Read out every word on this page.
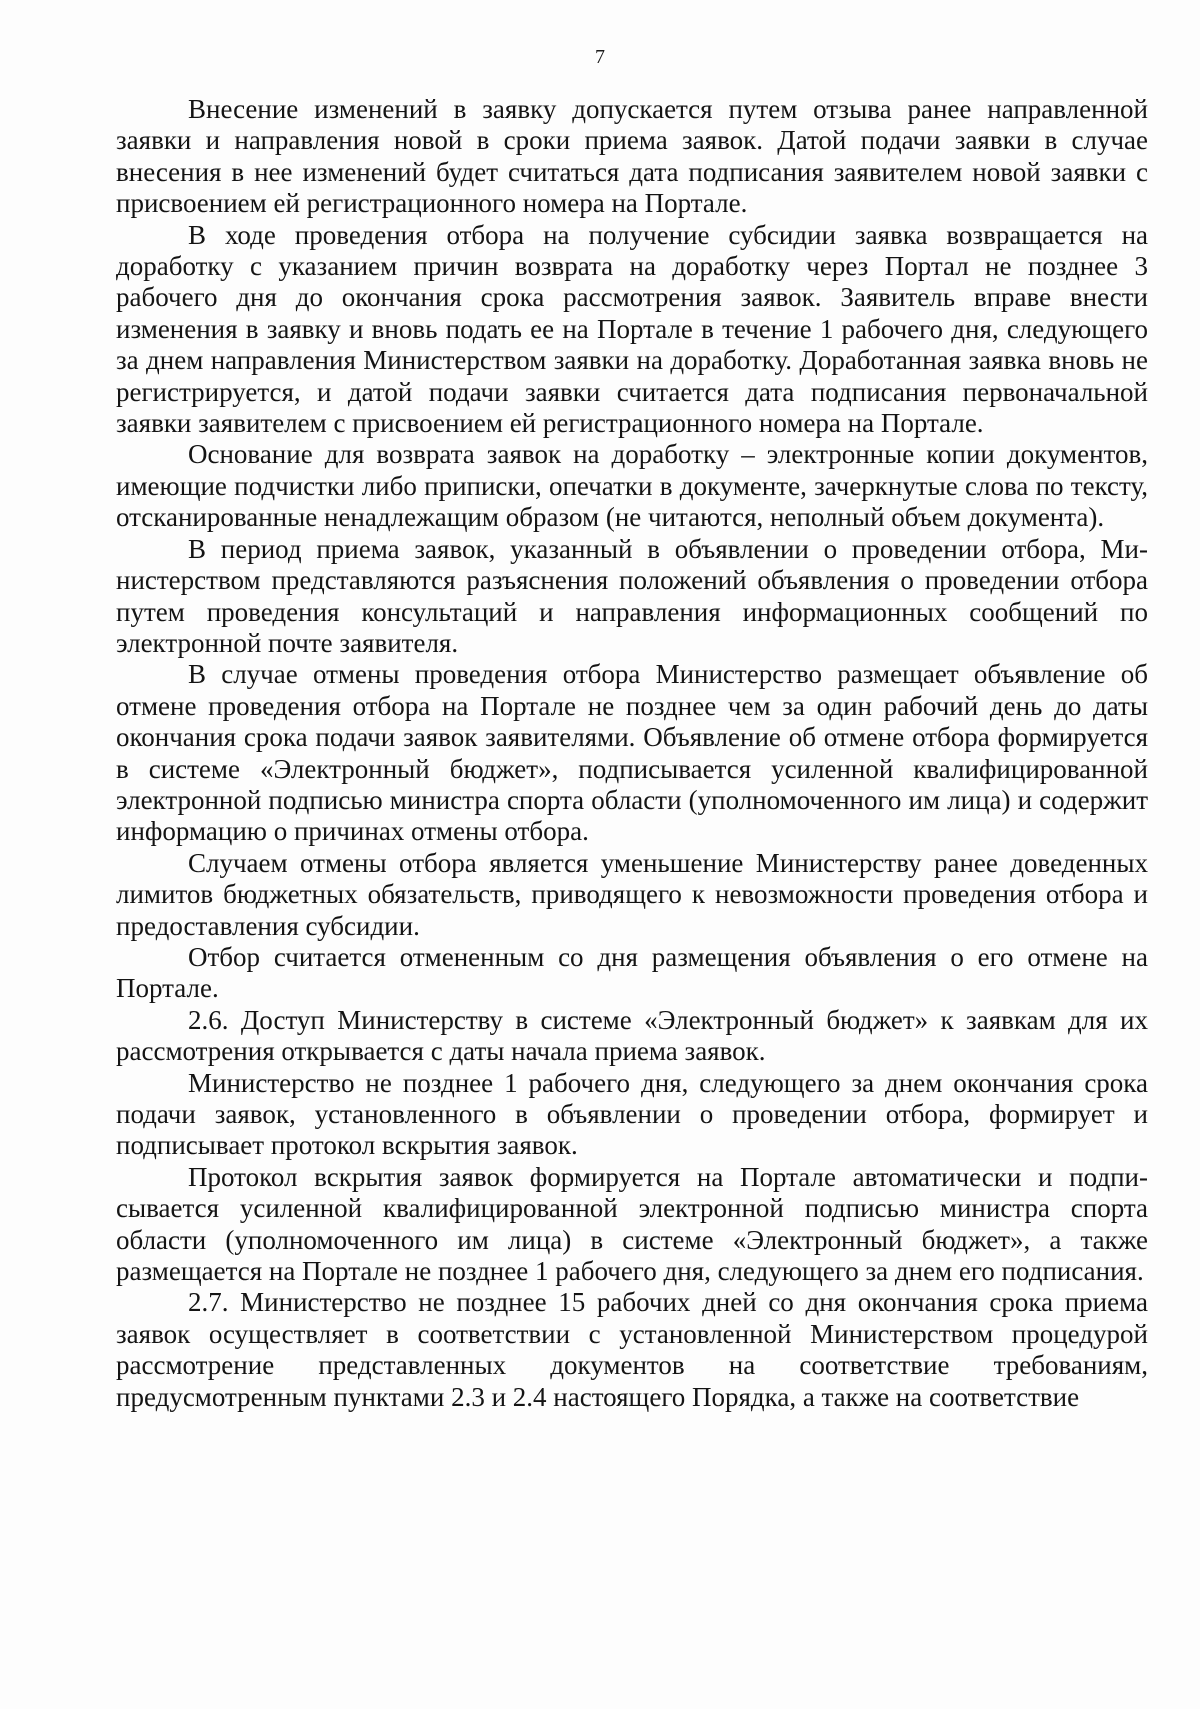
7

Внесение изменений в заявку допускается путем отзыва ранее направленной заявки и направления новой в сроки приема заявок. Датой подачи заявки в случае внесения в нее изменений будет считаться дата подписания заявителем новой заявки с присвоением ей регистрационного номера на Портале.

В ходе проведения отбора на получение субсидии заявка возвращается на доработку с указанием причин возврата на доработку через Портал не позднее 3 рабочего дня до окончания срока рассмотрения заявок. Заявитель вправе внести изменения в заявку и вновь подать ее на Портале в течение 1 рабочего дня, следующего за днем направления Министерством заявки на доработку. Доработанная заявка вновь не регистрируется, и датой подачи заявки считается дата подписания первоначальной заявки заявителем с присвоением ей регистрационного номера на Портале.

Основание для возврата заявок на доработку – электронные копии документов, имеющие подчистки либо приписки, опечатки в документе, зачеркнутые слова по тексту, отсканированные ненадлежащим образом (не читаются, неполный объем документа).

В период приема заявок, указанный в объявлении о проведении отбора, Министерством представляются разъяснения положений объявления о проведении отбора путем проведения консультаций и направления информационных сообщений по электронной почте заявителя.

В случае отмены проведения отбора Министерство размещает объявление об отмене проведения отбора на Портале не позднее чем за один рабочий день до даты окончания срока подачи заявок заявителями. Объявление об отмене отбора формируется в системе «Электронный бюджет», подписывается усиленной квалифицированной электронной подписью министра спорта области (уполномоченного им лица) и содержит информацию о причинах отмены отбора.

Случаем отмены отбора является уменьшение Министерству ранее доведенных лимитов бюджетных обязательств, приводящего к невозможности проведения отбора и предоставления субсидии.

Отбор считается отмененным со дня размещения объявления о его отмене на Портале.

2.6. Доступ Министерству в системе «Электронный бюджет» к заявкам для их рассмотрения открывается с даты начала приема заявок.

Министерство не позднее 1 рабочего дня, следующего за днем окончания срока подачи заявок, установленного в объявлении о проведении отбора, формирует и подписывает протокол вскрытия заявок.

Протокол вскрытия заявок формируется на Портале автоматически и подписывается усиленной квалифицированной электронной подписью министра спорта области (уполномоченного им лица) в системе «Электронный бюджет», а также размещается на Портале не позднее 1 рабочего дня, следующего за днем его подписания.

2.7. Министерство не позднее 15 рабочих дней со дня окончания срока приема заявок осуществляет в соответствии с установленной Министерством процедурой рассмотрение представленных документов на соответствие требованиям, предусмотренным пунктами 2.3 и 2.4 настоящего Порядка, а также на соответствие
